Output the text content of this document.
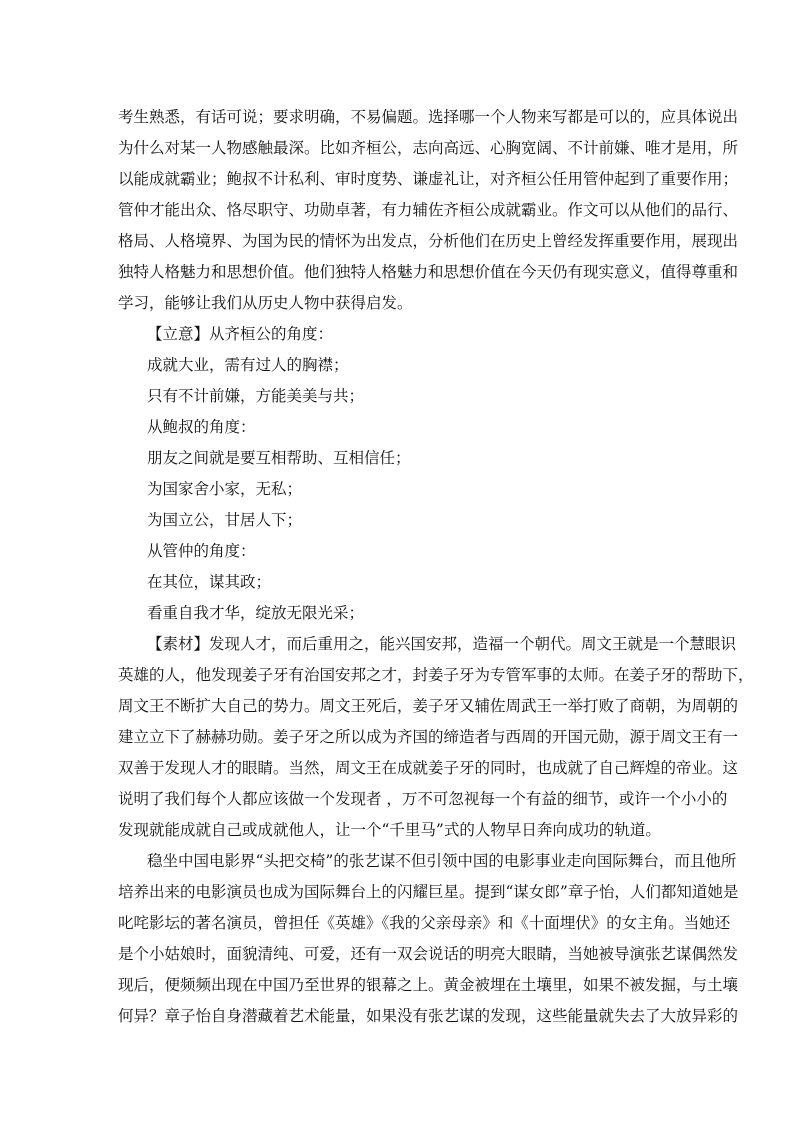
考生熟悉，有话可说；要求明确，不易偏题。选择哪一个人物来写都是可以的，应具体说出
为什么对某一人物感触最深。比如齐桓公，志向高远、心胸宽阔、不计前嫌、唯才是用，所
以能成就霸业；鲍叔不计私利、审时度势、谦虚礼让，对齐桓公任用管仲起到了重要作用；
管仲才能出众、恪尽职守、功勋卓著，有力辅佐齐桓公成就霸业。作文可以从他们的品行、
格局、人格境界、为国为民的情怀为出发点，分析他们在历史上曾经发挥重要作用，展现出
独特人格魅力和思想价值。他们独特人格魅力和思想价值在今天仍有现实意义，值得尊重和
学习，能够让我们从历史人物中获得启发。
【立意】从齐桓公的角度：
成就大业，需有过人的胸襟；
只有不计前嫌，方能美美与共；
从鲍叔的角度：
朋友之间就是要互相帮助、互相信任；
为国家舍小家，无私；
为国立公，甘居人下；
从管仲的角度：
在其位，谋其政；
看重自我才华，绽放无限光采；
【素材】发现人才，而后重用之，能兴国安邦，造福一个朝代。周文王就是一个慧眼识
英雄的人，他发现姜子牙有治国安邦之才，封姜子牙为专管军事的太师。在姜子牙的帮助下，
周文王不断扩大自己的势力。周文王死后，姜子牙又辅佐周武王一举打败了商朝，为周朝的
建立立下了赫赫功勋。姜子牙之所以成为齐国的缔造者与西周的开国元勋，源于周文王有一
双善于发现人才的眼睛。当然，周文王在成就姜子牙的同时，也成就了自己辉煌的帝业。这
说明了我们每个人都应该做一个发现者 ，万不可忽视每一个有益的细节，或许一个小小的
发现就能成就自己或成就他人，让一个“千里马”式的人物早日奔向成功的轨道。
稳坐中国电影界“头把交椅”的张艺谋不但引领中国的电影事业走向国际舞台，而且他所
培养出来的电影演员也成为国际舞台上的闪耀巨星。提到“谋女郎”章子怡，人们都知道她是
叱咤影坛的著名演员，曾担任《英雄》《我的父亲母亲》和《十面埋伏》的女主角。当她还
是个小姑娘时，面貌清纯、可爱，还有一双会说话的明亮大眼睛，当她被导演张艺谋偶然发
现后，便频频出现在中国乃至世界的银幕之上。黄金被埋在土壤里，如果不被发掘，与土壤
何异？章子怡自身潜藏着艺术能量，如果没有张艺谋的发现，这些能量就失去了大放异彩的
